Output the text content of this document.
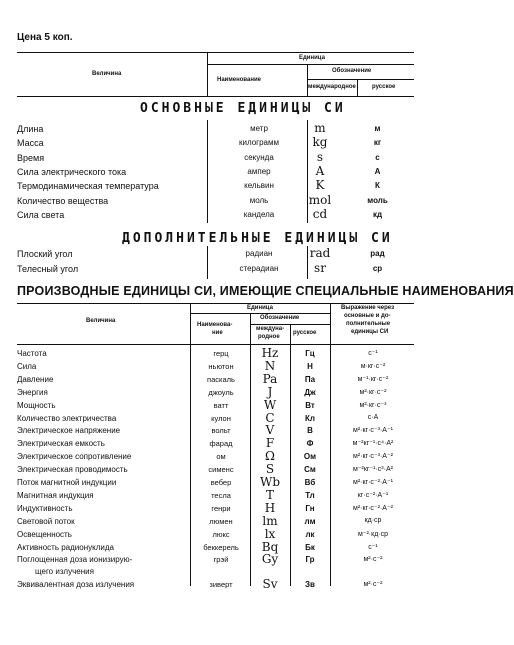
Цена 5 коп.
Величина
Единица
Наименование
Обозначение
международное	русское
ОСНОВНЫЕ ЕДИНИЦЫ СИ
Длина	метр	m	м
Масса	килограмм	kg	кг
Время	секунда	s	с
Сила электрического тока	ампер	A	А
Термодинамическая температура	кельвин	K	К
Количество вещества	моль	mol	моль
Сила света	кандела	cd	кд
ДОПОЛНИТЕЛЬНЫЕ ЕДИНИЦЫ СИ
Плоский угол	радиан	rad	рад
Телесный угол	стерадиан	sr	ср
ПРОИЗВОДНЫЕ ЕДИНИЦЫ СИ, ИМЕЮЩИЕ СПЕЦИАЛЬНЫЕ НАИМЕНОВАНИЯ
Величина
Единица
Наименова-
ние
Обозначение
междуна-
родное
русское
Выражение через
основные и до-
полнительные
единицы СИ
Частота	герц	Hz	Гц	с⁻¹
Сила	ньютон	N	Н	м·кг·с⁻²
Давление	паскаль	Pa	Па	м⁻¹·кг·с⁻²
Энергия	джоуль	J	Дж	м²·кг·с⁻²
Мощность	ватт	W	Вт	м²·кг·с⁻³
Количество электричества	кулон	C	Кл	с·А
Электрическое напряжение	вольт	V	В	м²·кг·с⁻³·А⁻¹
Электрическая емкость	фарад	F	Ф	м⁻²кг⁻¹·с⁴·А²
Электрическое сопротивление	ом	Ω	Ом	м²·кг·с⁻³·А⁻²
Электрическая проводимость	сименс	S	См	м⁻²кг⁻¹·с³·А²
Поток магнитной индукции	вебер	Wb	Вб	м²·кг·с⁻²·А⁻¹
Магнитная индукция	тесла	T	Тл	кг·с⁻²·А⁻¹
Индуктивность	генри	H	Гн	м²·кг·с⁻²·А⁻²
Световой поток	люмен	lm	лм	кд·ср
Освещенность	люкс	lx	лк	м⁻²·кд·ср
Активность радионуклида	беккерель	Bq	Бк	с⁻¹
Поглощенная доза ионизирую-
щего излучения
грэй	Gy	Гр	м²·с⁻²
Эквивалентная доза излучения	зиверт	Sv	Зв	м²·с⁻²
